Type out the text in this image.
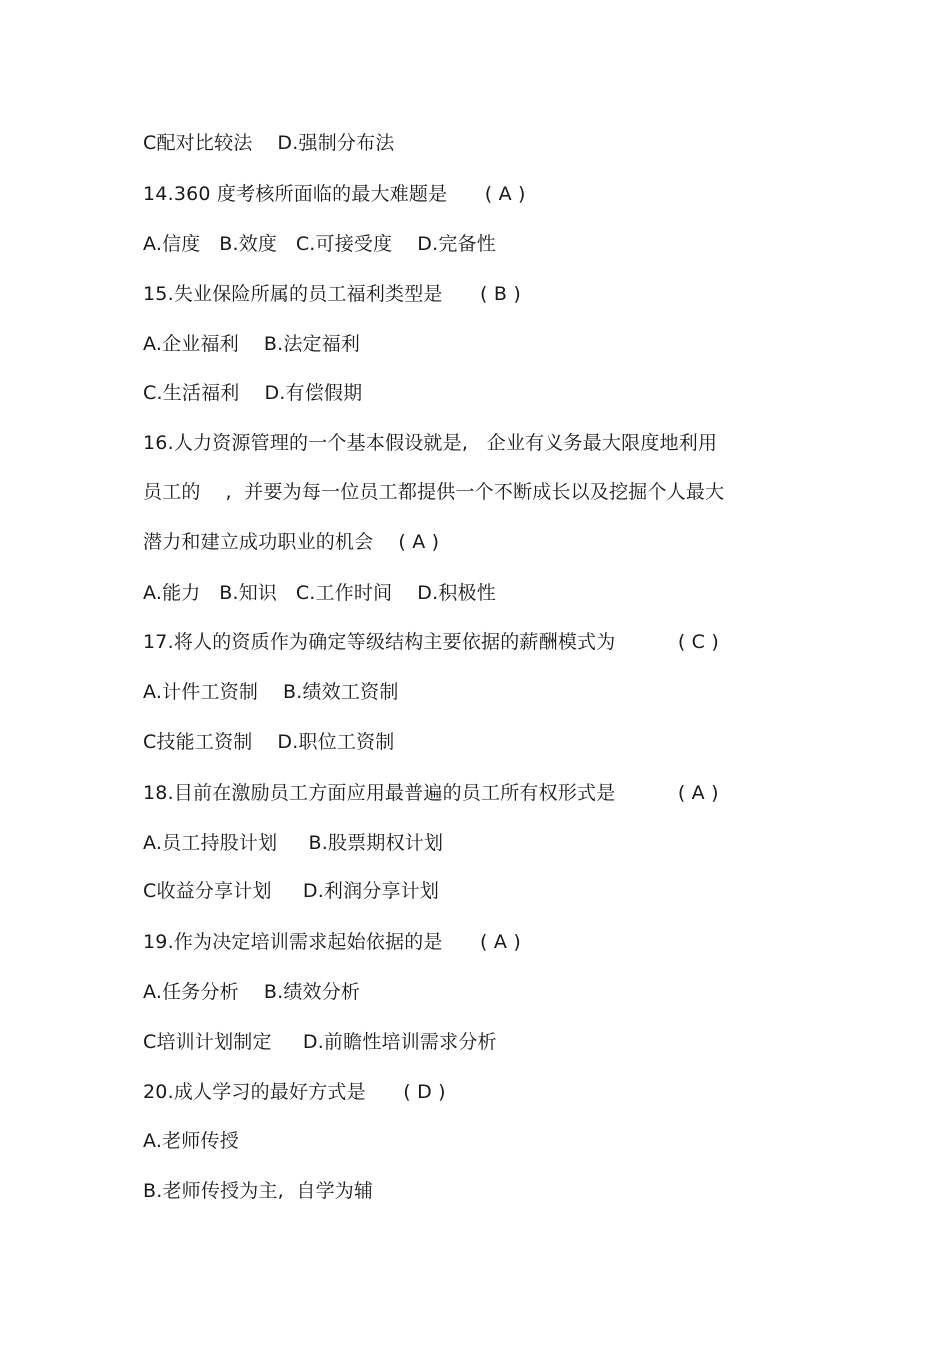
C配对比较法    D.强制分布法
14.360 度考核所面临的最大难题是      ( A )
A.信度   B.效度   C.可接受度    D.完备性
15.失业保险所属的员工福利类型是      ( B )
A.企业福利    B.法定福利
C.生活福利    D.有偿假期
16.人力资源管理的一个基本假设就是,   企业有义务最大限度地利用
员工的    ,  并要为每一位员工都提供一个不断成长以及挖掘个人最大
潜力和建立成功职业的机会    ( A )
A.能力   B.知识   C.工作时间    D.积极性
17.将人的资质作为确定等级结构主要依据的薪酬模式为          ( C )
A.计件工资制    B.绩效工资制
C技能工资制    D.职位工资制
18.目前在激励员工方面应用最普遍的员工所有权形式是          ( A )
A.员工持股计划     B.股票期权计划
C收益分享计划     D.利润分享计划
19.作为决定培训需求起始依据的是      ( A )
A.任务分析    B.绩效分析
C培训计划制定     D.前瞻性培训需求分析
20.成人学习的最好方式是      ( D )
A.老师传授
B.老师传授为主,  自学为辅
